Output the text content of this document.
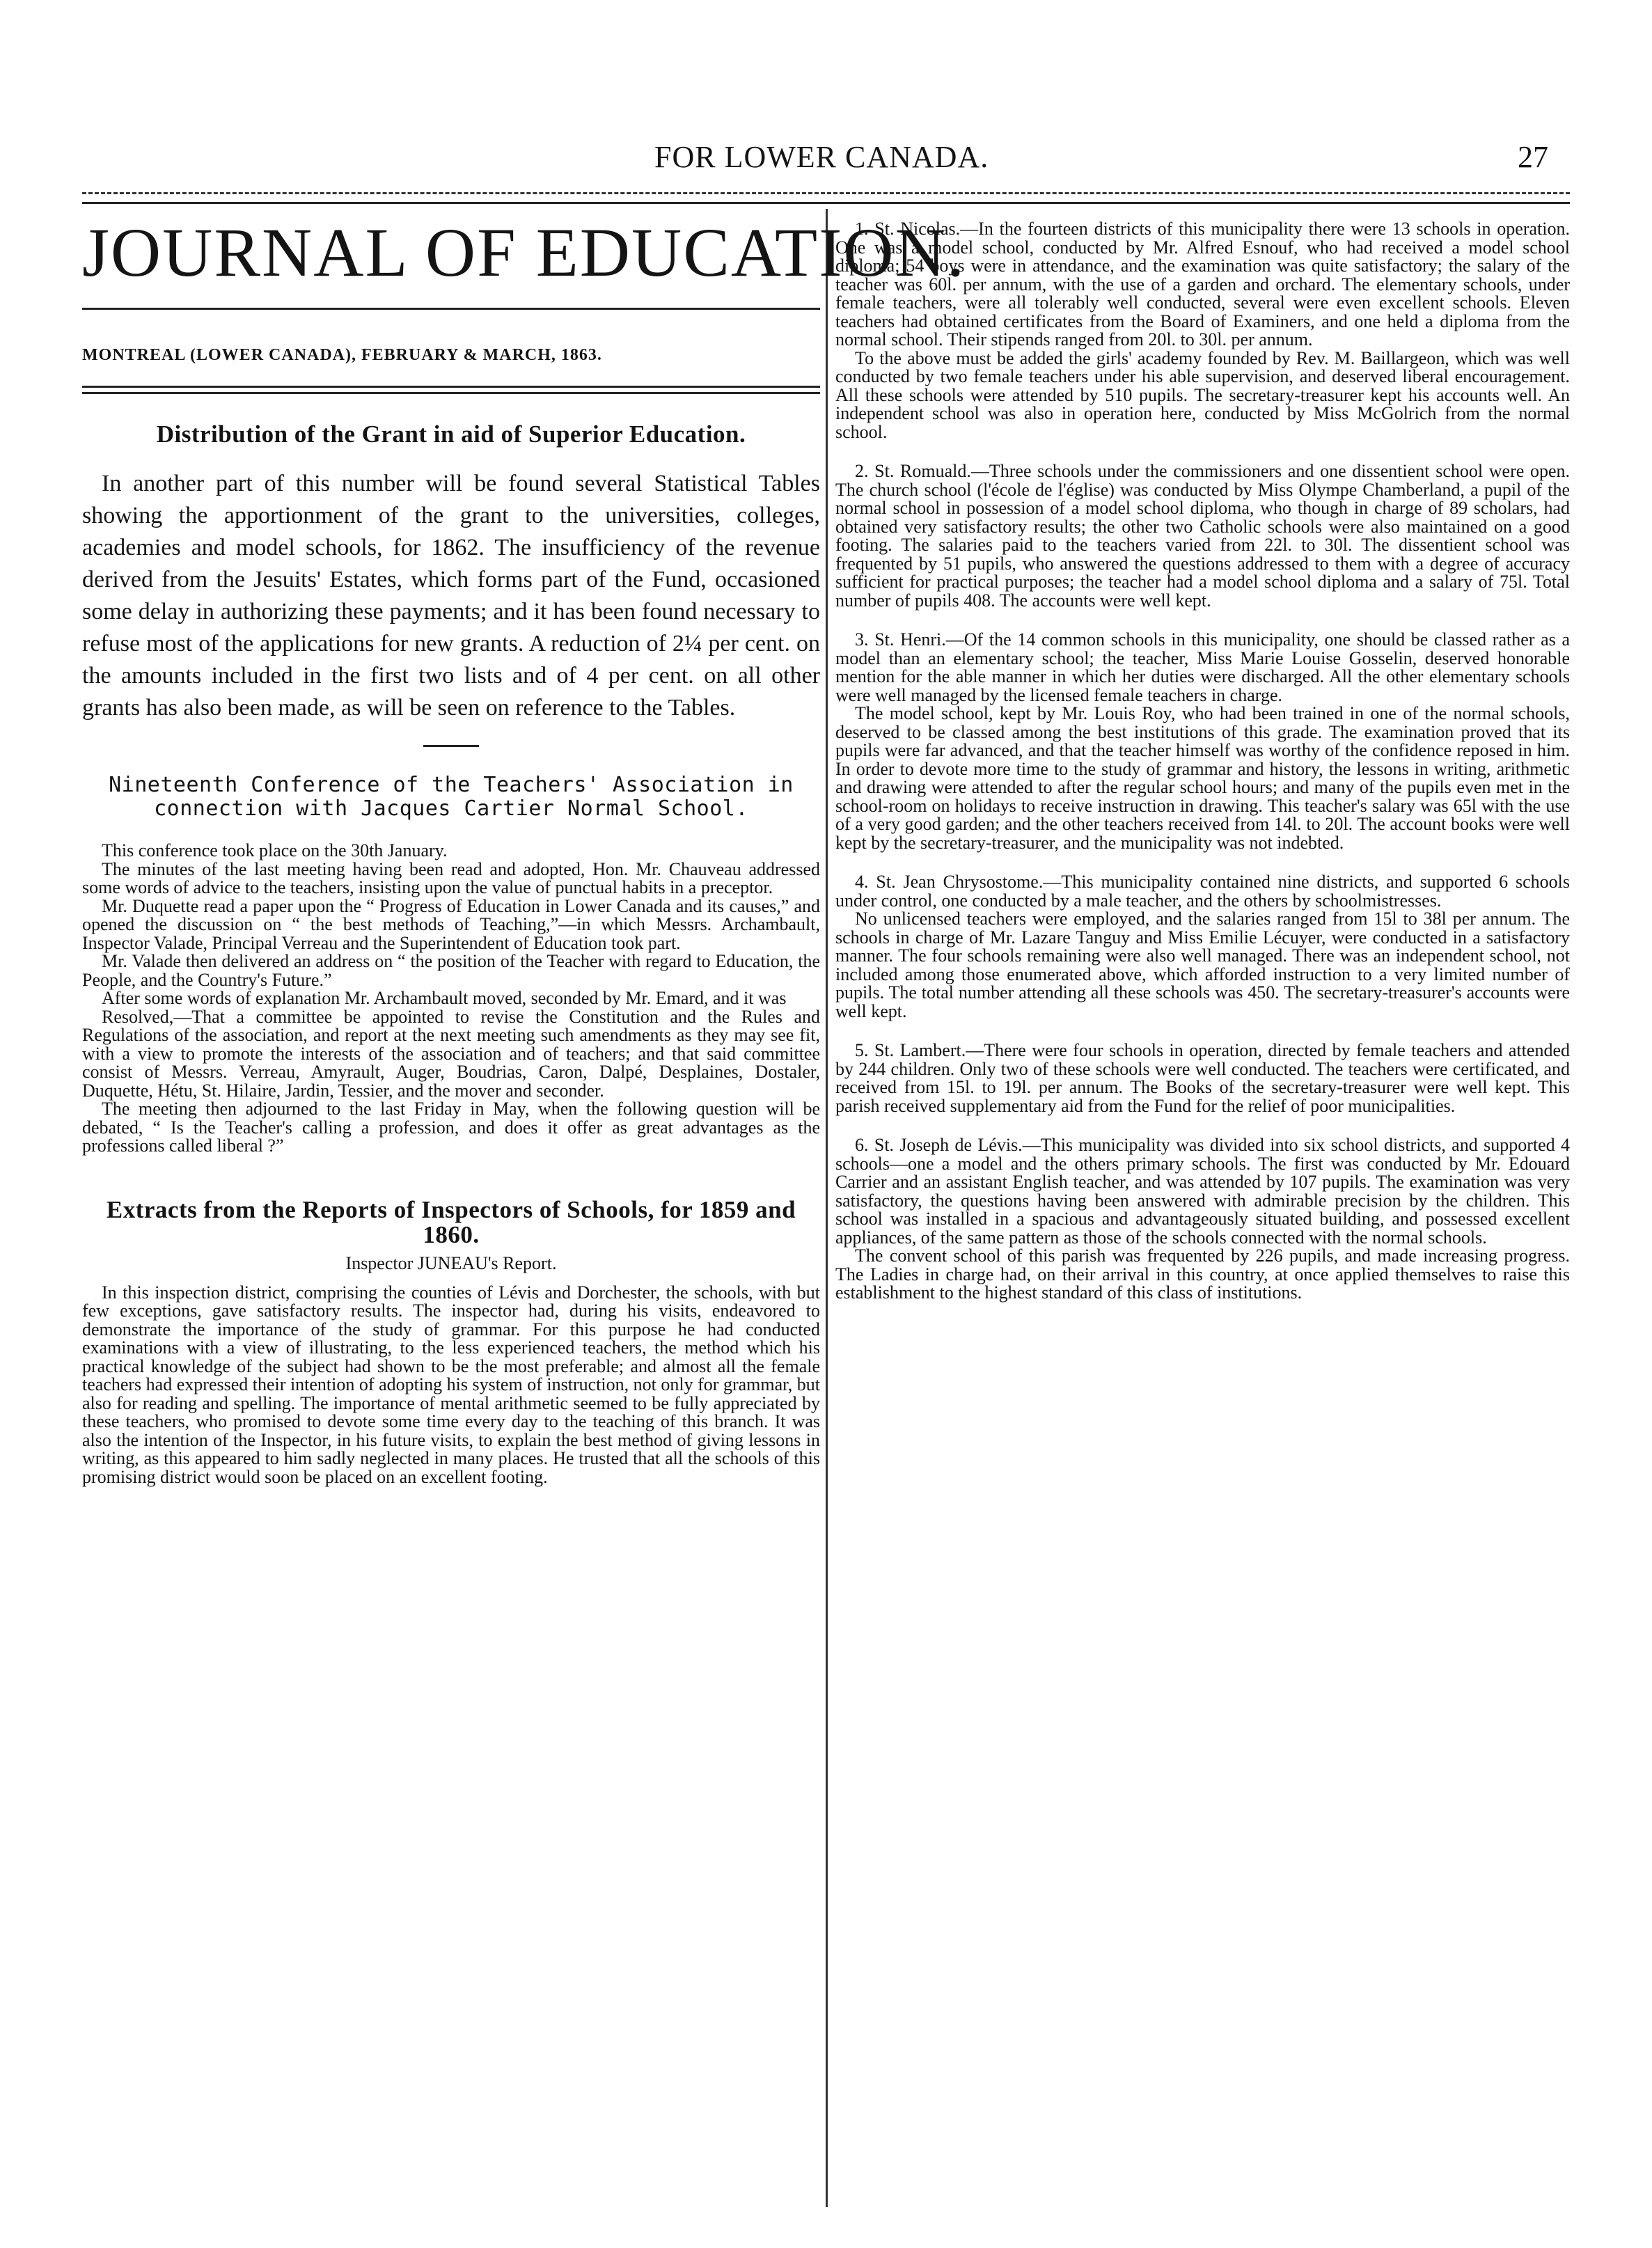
FOR LOWER CANADA.	27
JOURNAL OF EDUCATION.
MONTREAL (LOWER CANADA), FEBRUARY & MARCH, 1863.
Distribution of the Grant in aid of Superior Education.

In another part of this number will be found several Statistical Tables showing the apportionment of the grant to the universities, colleges, academies and model schools, for 1862. The insufficiency of the revenue derived from the Jesuits' Estates, which forms part of the Fund, occasioned some delay in authorizing these payments; and it has been found necessary to refuse most of the applications for new grants. A reduction of 2¼ per cent. on the amounts included in the first two lists and of 4 per cent. on all other grants has also been made, as will be seen on reference to the Tables.

Nineteenth Conference of the Teachers' Association in connection with Jacques Cartier Normal School.

This conference took place on the 30th January.

The minutes of the last meeting having been read and adopted, Hon. Mr. Chauveau addressed some words of advice to the teachers, insisting upon the value of punctual habits in a preceptor.

Mr. Duquette read a paper upon the “ Progress of Education in Lower Canada and its causes,” and opened the discussion on “ the best methods of Teaching,”—in which Messrs. Archambault, Inspector Valade, Principal Verreau and the Superintendent of Education took part.

Mr. Valade then delivered an address on “ the position of the Teacher with regard to Education, the People, and the Country's Future.”

After some words of explanation Mr. Archambault moved, seconded by Mr. Emard, and it was

Resolved,—That a committee be appointed to revise the Constitution and the Rules and Regulations of the association, and report at the next meeting such amendments as they may see fit, with a view to promote the interests of the association and of teachers; and that said committee consist of Messrs. Verreau, Amyrault, Auger, Boudrias, Caron, Dalpé, Desplaines, Dostaler, Duquette, Hétu, St. Hilaire, Jardin, Tessier, and the mover and seconder.

The meeting then adjourned to the last Friday in May, when the following question will be debated, “ Is the Teacher's calling a profession, and does it offer as great advantages as the professions called liberal ?”

Extracts from the Reports of Inspectors of Schools, for 1859 and 1860.
Inspector JUNEAU's Report.

In this inspection district, comprising the counties of Lévis and Dorchester, the schools, with but few exceptions, gave satisfactory results. The inspector had, during his visits, endeavored to demonstrate the importance of the study of grammar. For this purpose he had conducted examinations with a view of illustrating, to the less experienced teachers, the method which his practical knowledge of the subject had shown to be the most preferable; and almost all the female teachers had expressed their intention of adopting his system of instruction, not only for grammar, but also for reading and spelling. The importance of mental arithmetic seemed to be fully appreciated by these teachers, who promised to devote some time every day to the teaching of this branch. It was also the intention of the Inspector, in his future visits, to explain the best method of giving lessons in writing, as this appeared to him sadly neglected in many places. He trusted that all the schools of this promising district would soon be placed on an excellent footing.

1. St. Nicolas.—In the fourteen districts of this municipality there were 13 schools in operation. One was a model school, conducted by Mr. Alfred Esnouf, who had received a model school diploma; 54 boys were in attendance, and the examination was quite satisfactory; the salary of the teacher was 60l. per annum, with the use of a garden and orchard. The elementary schools, under female teachers, were all tolerably well conducted, several were even excellent schools. Eleven teachers had obtained certificates from the Board of Examiners, and one held a diploma from the normal school. Their stipends ranged from 20l. to 30l. per annum.

To the above must be added the girls' academy founded by Rev. M. Baillargeon, which was well conducted by two female teachers under his able supervision, and deserved liberal encouragement. All these schools were attended by 510 pupils. The secretary-treasurer kept his accounts well. An independent school was also in operation here, conducted by Miss McGolrich from the normal school.

2. St. Romuald.—Three schools under the commissioners and one dissentient school were open. The church school (l'école de l'église) was conducted by Miss Olympe Chamberland, a pupil of the normal school in possession of a model school diploma, who though in charge of 89 scholars, had obtained very satisfactory results; the other two Catholic schools were also maintained on a good footing. The salaries paid to the teachers varied from 22l. to 30l. The dissentient school was frequented by 51 pupils, who answered the questions addressed to them with a degree of accuracy sufficient for practical purposes; the teacher had a model school diploma and a salary of 75l. Total number of pupils 408. The accounts were well kept.

3. St. Henri.—Of the 14 common schools in this municipality, one should be classed rather as a model than an elementary school; the teacher, Miss Marie Louise Gosselin, deserved honorable mention for the able manner in which her duties were discharged. All the other elementary schools were well managed by the licensed female teachers in charge.

The model school, kept by Mr. Louis Roy, who had been trained in one of the normal schools, deserved to be classed among the best institutions of this grade. The examination proved that its pupils were far advanced, and that the teacher himself was worthy of the confidence reposed in him. In order to devote more time to the study of grammar and history, the lessons in writing, arithmetic and drawing were attended to after the regular school hours; and many of the pupils even met in the school-room on holidays to receive instruction in drawing. This teacher's salary was 65l with the use of a very good garden; and the other teachers received from 14l. to 20l. The account books were well kept by the secretary-treasurer, and the municipality was not indebted.

4. St. Jean Chrysostome.—This municipality contained nine districts, and supported 6 schools under control, one conducted by a male teacher, and the others by schoolmistresses.

No unlicensed teachers were employed, and the salaries ranged from 15l to 38l per annum. The schools in charge of Mr. Lazare Tanguy and Miss Emilie Lécuyer, were conducted in a satisfactory manner. The four schools remaining were also well managed. There was an independent school, not included among those enumerated above, which afforded instruction to a very limited number of pupils. The total number attending all these schools was 450. The secretary-treasurer's accounts were well kept.

5. St. Lambert.—There were four schools in operation, directed by female teachers and attended by 244 children. Only two of these schools were well conducted. The teachers were certificated, and received from 15l. to 19l. per annum. The Books of the secretary-treasurer were well kept. This parish received supplementary aid from the Fund for the relief of poor municipalities.

6. St. Joseph de Lévis.—This municipality was divided into six school districts, and supported 4 schools—one a model and the others primary schools. The first was conducted by Mr. Edouard Carrier and an assistant English teacher, and was attended by 107 pupils. The examination was very satisfactory, the questions having been answered with admirable precision by the children. This school was installed in a spacious and advantageously situated building, and possessed excellent appliances, of the same pattern as those of the schools connected with the normal schools.

The convent school of this parish was frequented by 226 pupils, and made increasing progress. The Ladies in charge had, on their arrival in this country, at once applied themselves to raise this establishment to the highest standard of this class of institutions.
